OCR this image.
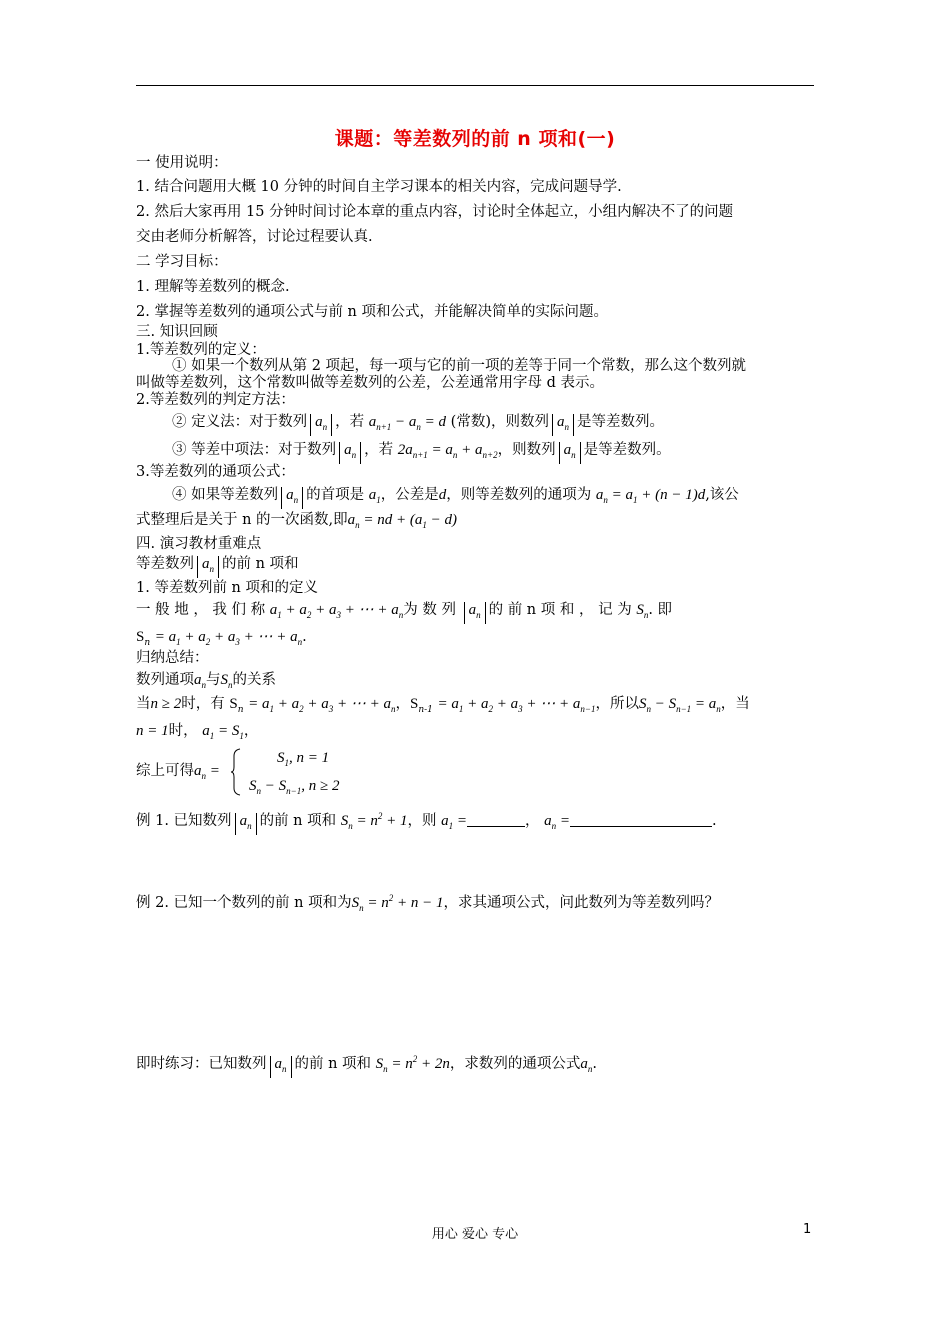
课题：等差数列的前 n 项和(一)
一 使用说明：
1. 结合问题用大概 10 分钟的时间自主学习课本的相关内容，完成问题导学.
2. 然后大家再用 15 分钟时间讨论本章的重点内容，讨论时全体起立，小组内解决不了的问题
交由老师分析解答，讨论过程要认真.
二 学习目标：
1. 理解等差数列的概念.
2. 掌握等差数列的通项公式与前 n 项和公式，并能解决简单的实际问题。
三. 知识回顾
1.等差数列的定义：
① 如果一个数列从第 2 项起，每一项与它的前一项的差等于同一个常数，那么这个数列就
叫做等差数列，这个常数叫做等差数列的公差，公差通常用字母 d 表示。
2.等差数列的判定方法：
② 定义法：对于数列 $a_n$ ，若 $a_{n+1} - a_n = d$ (常数)，则数列 $a_n$ 是等差数列。
③ 等差中项法：对于数列 $a_n$ ，若 $2a_{n+1} = a_n + a_{n+2}$，则数列 $a_n$ 是等差数列。
3.等差数列的通项公式：
④ 如果等差数列 $a_n$ 的首项是 $a_1$，公差是d，则等差数列的通项为 $a_n = a_1 + (n - 1)d$,该公
式整理后是关于 n 的一次函数,即$a_n$ = nd + $(a_1 - d)$
四. 演习教材重难点
等差数列 $a_n$ 的前 n 项和
1. 等差数列前 n 项和的定义
一 般 地 ， 我 们 称 $a_1 + a_2 + a_3$ + ⋯ + $a_n$为 数 列 $a_n$ 的 前 n 项 和 ， 记 为 $S_n$. 即
$S_n = a_1 + a_2 + a_3$ + ⋯ + $a_n$.
归纳总结：
数列通项$a_n$与$S_n$的关系
当n ≥ 2时，有 $S_n = a_1 + a_2 + a_3$ + ⋯ + $a_n$，$S_{n-1} = a_1 + a_2 + a_3$ + ⋯ + $a_{n-1}$，所以$S_n - S_{n-1} = a_n$，当
n = 1时， $a_1 = S_1$，
综上可得$a_n$ =
$S_1$, n = 1
$S_n - S_{n-1}$, n ≥ 2
例 1. 已知数列 $a_n$ 的前 n 项和 $S_n = n^2 + 1$，则 $a_1$ =	， $a_n$ =	.
例 2. 已知一个数列的前 n 项和为$S_n = n^2 + n - 1$，求其通项公式，问此数列为等差数列吗？
即时练习：已知数列 $a_n$ 的前 n 项和 $S_n = n^2 + 2n$，求数列的通项公式$a_n$.
用心 爱心 专心	1
